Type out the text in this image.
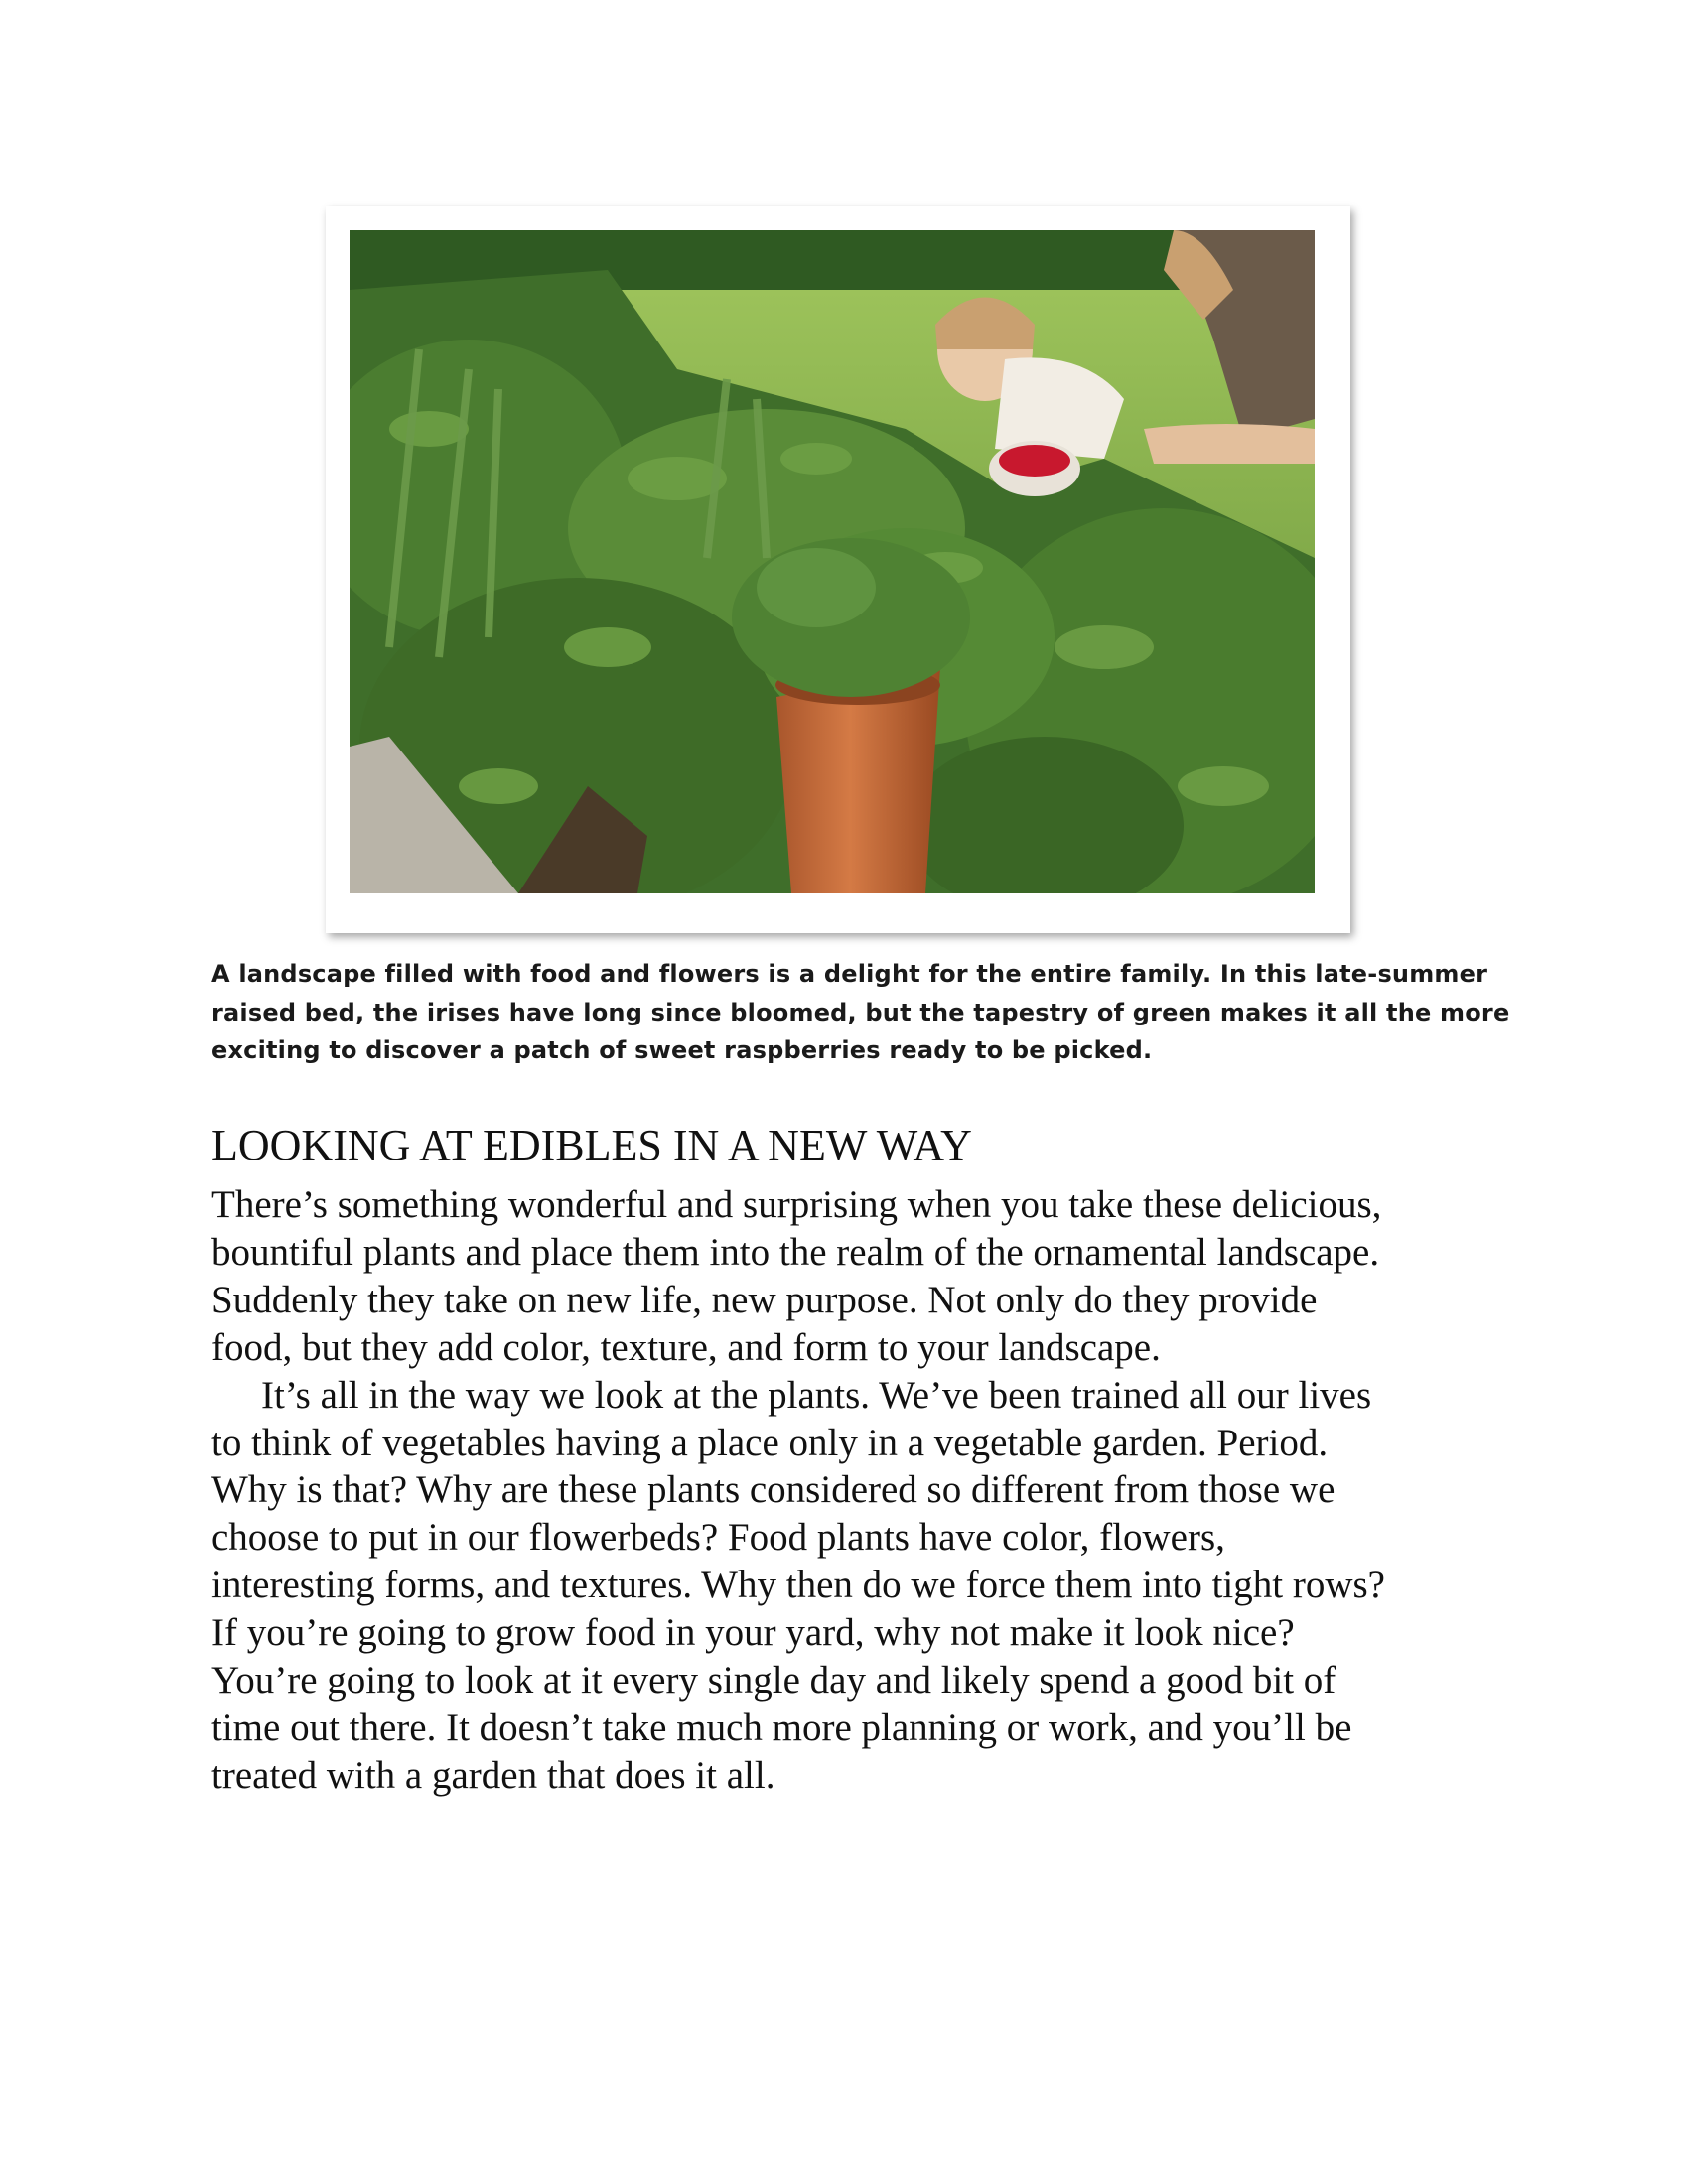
A landscape filled with food and flowers is a delight for the entire family. In this late-summer
raised bed, the irises have long since bloomed, but the tapestry of green makes it all the more
exciting to discover a patch of sweet raspberries ready to be picked.
LOOKING AT EDIBLES IN A NEW WAY
There’s something wonderful and surprising when you take these delicious,
bountiful plants and place them into the realm of the ornamental landscape.
Suddenly they take on new life, new purpose. Not only do they provide
food, but they add color, texture, and form to your landscape.
It’s all in the way we look at the plants. We’ve been trained all our lives
to think of vegetables having a place only in a vegetable garden. Period.
Why is that? Why are these plants considered so different from those we
choose to put in our flowerbeds? Food plants have color, flowers,
interesting forms, and textures. Why then do we force them into tight rows?
If you’re going to grow food in your yard, why not make it look nice?
You’re going to look at it every single day and likely spend a good bit of
time out there. It doesn’t take much more planning or work, and you’ll be
treated with a garden that does it all.
